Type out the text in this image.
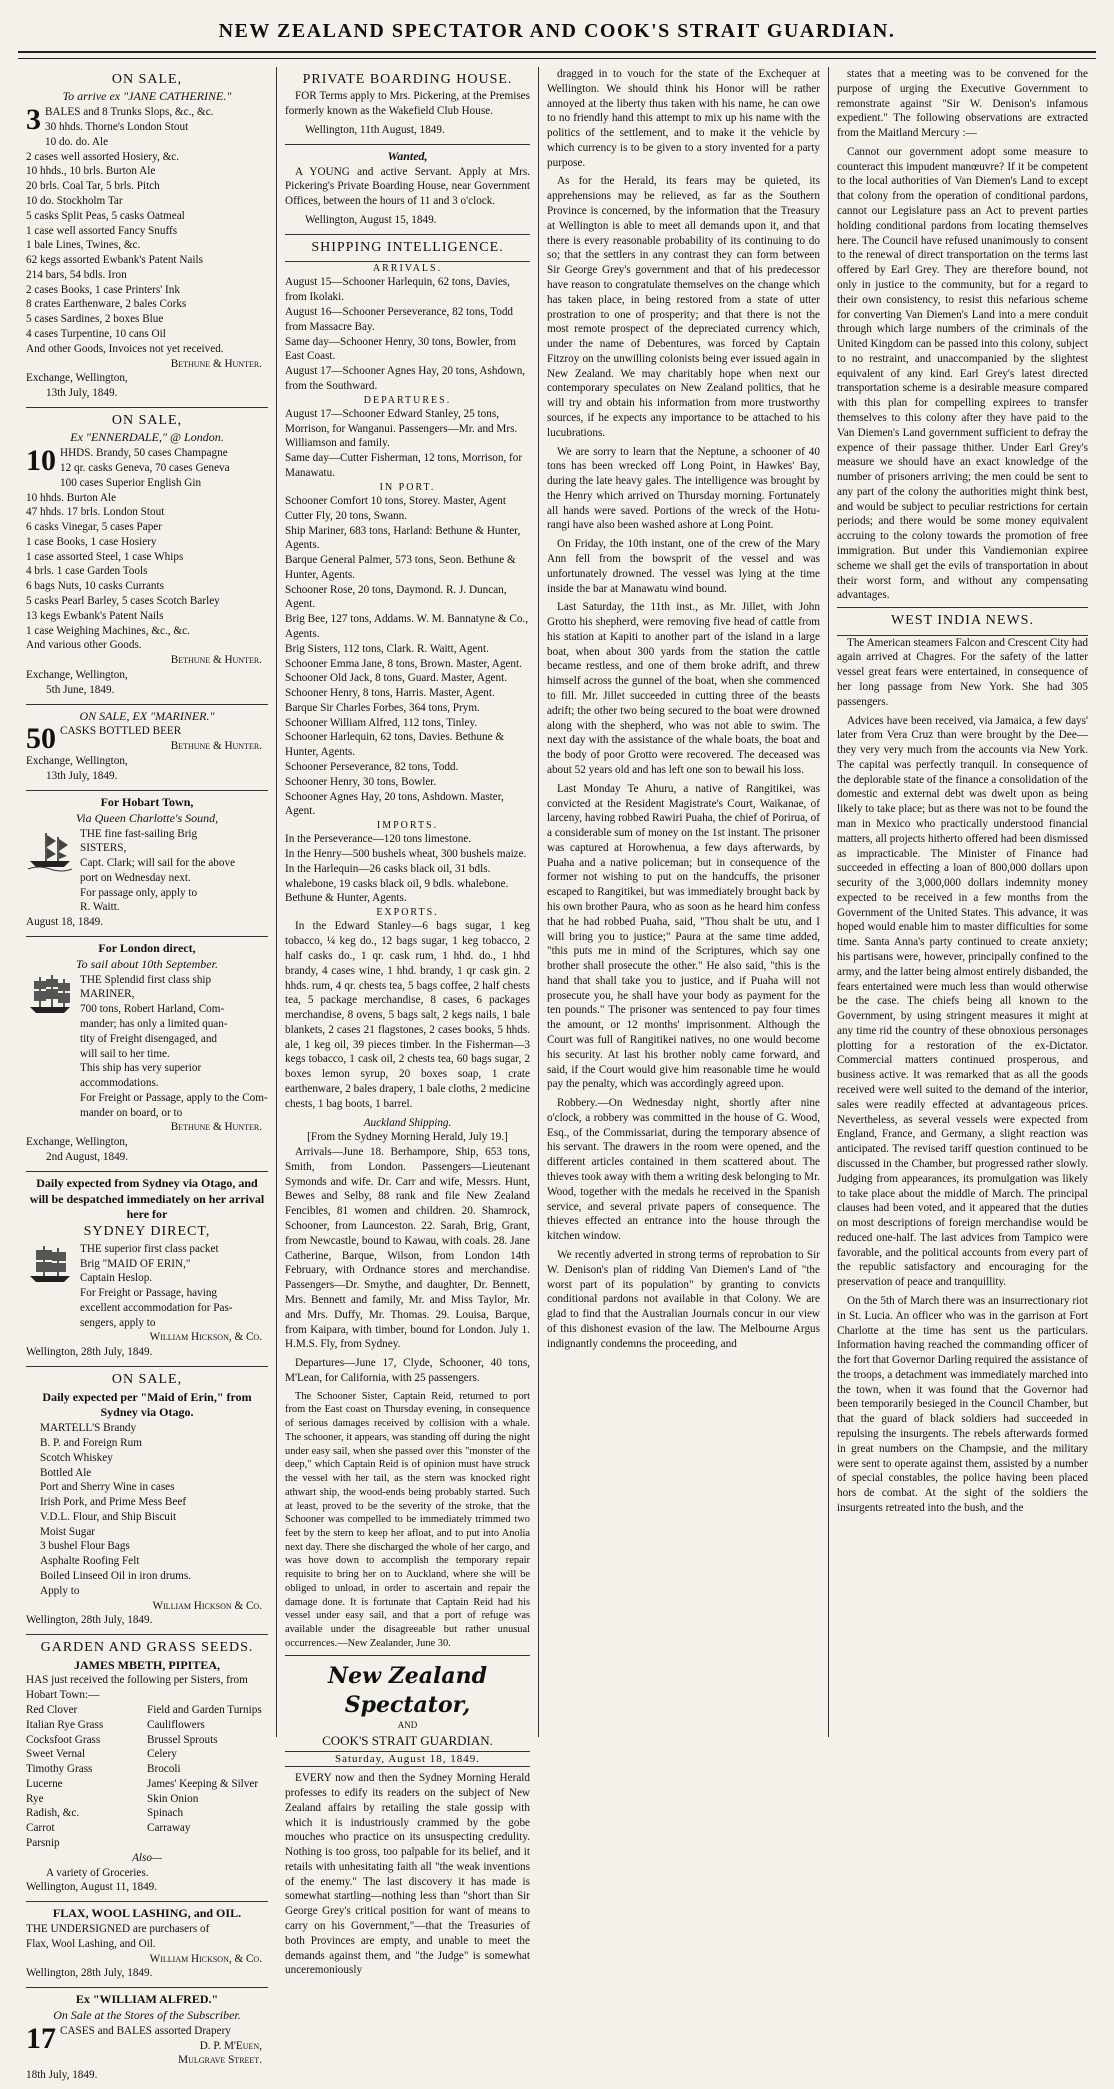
NEW ZEALAND SPECTATOR AND COOK'S STRAIT GUARDIAN.
ON SALE,
To arrive ex "JANE CATHERINE."
3 BALES and 8 Trunks Slops, &c., &c.
30 hhds. Thorne's London Stout
10 do. do. Ale
2 cases well assorted Hosiery, &c.
10 hhds., 10 brls. Burton Ale
20 brls. Coal Tar, 5 brls. Pitch
10 do. Stockholm Tar
5 casks Split Peas, 5 casks Oatmeal
1 case well assorted Fancy Snuffs
1 bale Lines, Twines, &c.
62 kegs assorted Ewbank's Patent Nails
214 bars, 54 bdls. Iron
2 cases Books, 1 case Printers' Ink
8 crates Earthenware, 2 bales Corks
5 cases Sardines, 2 boxes Blue
4 cases Turpentine, 10 cans Oil
And other Goods, Invoices not yet received.
Bethune & Hunter.
Exchange, Wellington,
13th July, 1849.
ON SALE,
Ex "ENNERDALE," @ London.
10 HHDS. Brandy, 50 cases Champagne
12 qr. casks Geneva, 70 cases Geneva
100 cases Superior English Gin
10 hhds. Burton Ale
47 hhds. 17 brls. London Stout
6 casks Vinegar, 5 cases Paper
1 case Books, 1 case Hosiery
1 case assorted Steel, 1 case Whips
4 brls. 1 case Garden Tools
6 bags Nuts, 10 casks Currants
5 casks Pearl Barley, 5 cases Scotch Barley
13 kegs Ewbank's Patent Nails
1 case Weighing Machines, &c., &c.
And various other Goods.
Bethune & Hunter.
Exchange, Wellington,
5th June, 1849.
ON SALE, EX "MARINER."
50 CASKS BOTTLED BEER
Bethune & Hunter.
Exchange, Wellington,
13th July, 1849.
For Hobart Town,
Via Queen Charlotte's Sound,
THE fine fast-sailing Brig
SISTERS,
Capt. Clark; will sail for the above
port on Wednesday next.
For passage only, apply to
R. Waitt.
August 18, 1849.
For London direct,
To sail about 10th September.
THE Splendid first class ship
MARINER,
700 tons, Robert Harland, Com-
mander; has only a limited quan-
tity of Freight disengaged, and
will sail to her time.
This ship has very superior accommodations.
For Freight or Passage, apply to the Com-
mander on board, or to
Bethune & Hunter.
Exchange, Wellington,
2nd August, 1849.
Daily expected from Sydney via Otago, and will be despatched immediately on her arrival here for
SYDNEY DIRECT,
THE superior first class packet
Brig "MAID OF ERIN,"
Captain Heslop.
For Freight or Passage, having
excellent accommodation for Pas-
sengers, apply to
William Hickson, & Co.
Wellington, 28th July, 1849.
ON SALE,
Daily expected per "Maid of Erin," from Sydney via Otago.
MARTELL'S Brandy
B. P. and Foreign Rum
Scotch Whiskey
Bottled Ale
Port and Sherry Wine in cases
Irish Pork, and Prime Mess Beef
V.D.L. Flour, and Ship Biscuit
Moist Sugar
3 bushel Flour Bags
Asphalte Roofing Felt
Boiled Linseed Oil in iron drums.
Apply to
William Hickson & Co.
Wellington, 28th July, 1849.
GARDEN AND GRASS SEEDS.
JAMES MBETH, PIPITEA,
HAS just received the following per Sisters, from Hobart Town:—
Red Clover
Italian Rye Grass
Cocksfoot Grass
Sweet Vernal
Timothy Grass
Lucerne
Rye
Radish, &c.
Carrot
Parsnip
Field and Garden Turnips
Cauliflowers
Brussel Sprouts
Celery
Brocoli
James' Keeping & Silver
Skin Onion
Spinach
Carraway
Also—
A variety of Groceries.
Wellington, August 11, 1849.
FLAX, WOOL LASHING, and OIL.
THE UNDERSIGNED are purchasers of
Flax, Wool Lashing, and Oil.
William Hickson, & Co.
Wellington, 28th July, 1849.
Ex "WILLIAM ALFRED."
On Sale at the Stores of the Subscriber.
17 CASES and BALES assorted Drapery
D. P. M'Euen,
Mulgrave Street.
18th July, 1849.
PRIVATE BOARDING HOUSE.

FOR Terms apply to Mrs. Pickering, at the Premises formerly known as the Wakefield Club House.

Wellington, 11th August, 1849.
Wanted,

A YOUNG and active Servant. Apply at Mrs. Pickering's Private Boarding House, near Government Offices, between the hours of 11 and 3 o'clock.

Wellington, August 15, 1849.
SHIPPING INTELLIGENCE.
ARRIVALS.
August 15—Schooner Harlequin, 62 tons, Davies, from Ikolaki.
August 16—Schooner Perseverance, 82 tons, Todd from Massacre Bay.
Same day—Schooner Henry, 30 tons, Bowler, from East Coast.
August 17—Schooner Agnes Hay, 20 tons, Ashdown, from the Southward.
DEPARTURES.
August 17—Schooner Edward Stanley, 25 tons, Morrison, for Wanganui. Passengers—Mr. and Mrs. Williamson and family.
Same day—Cutter Fisherman, 12 tons, Morrison, for Manawatu.
IN PORT.
Schooner Comfort 10 tons, Storey. Master, Agent
Cutter Fly, 20 tons, Swann.
Ship Mariner, 683 tons, Harland: Bethune & Hunter, Agents.
Barque General Palmer, 573 tons, Seon. Bethune & Hunter, Agents.
Schooner Rose, 20 tons, Daymond. R. J. Duncan, Agent.
Brig Bee, 127 tons, Addams. W. M. Bannatyne & Co., Agents.
Brig Sisters, 112 tons, Clark. R. Waitt, Agent.
Schooner Emma Jane, 8 tons, Brown. Master, Agent.
Schooner Old Jack, 8 tons, Guard. Master, Agent.
Schooner Henry, 8 tons, Harris. Master, Agent.
Barque Sir Charles Forbes, 364 tons, Prym.
Schooner William Alfred, 112 tons, Tinley.
Schooner Harlequin, 62 tons, Davies. Bethune & Hunter, Agents.
Schooner Perseverance, 82 tons, Todd.
Schooner Henry, 30 tons, Bowler.
Schooner Agnes Hay, 20 tons, Ashdown. Master, Agent.
IMPORTS.
In the Perseverance—120 tons limestone.
In the Henry—500 bushels wheat, 300 bushels maize.
In the Harlequin—26 casks black oil, 31 bdls. whalebone, 19 casks black oil, 9 bdls. whalebone. Bethune & Hunter, Agents.
EXPORTS.

In the Edward Stanley—6 bags sugar, 1 keg tobacco, ¼ keg do., 12 bags sugar, 1 keg tobacco, 2 half casks do., 1 qr. cask rum, 1 hhd. do., 1 hhd brandy, 4 cases wine, 1 hhd. brandy, 1 qr cask gin. 2 hhds. rum, 4 qr. chests tea, 5 bags coffee, 2 half chests tea, 5 package merchandise, 8 cases, 6 packages merchandise, 8 ovens, 5 bags salt, 2 kegs nails, 1 bale blankets, 2 cases 21 flagstones, 2 cases books, 5 hhds. ale, 1 keg oil, 39 pieces timber. In the Fisherman—3 kegs tobacco, 1 cask oil, 2 chests tea, 60 bags sugar, 2 boxes lemon syrup, 20 boxes soap, 1 crate earthenware, 2 bales drapery, 1 bale cloths, 2 medicine chests, 1 bag boots, 1 barrel.

Auckland Shipping.
[From the Sydney Morning Herald, July 19.]

Arrivals—June 18. Berhampore, Ship, 653 tons, Smith, from London. Passengers—Lieutenant Symonds and wife. Dr. Carr and wife, Messrs. Hunt, Bewes and Selby, 88 rank and file New Zealand Fencibles, 81 women and children. 20. Shamrock, Schooner, from Launceston. 22. Sarah, Brig, Grant, from Newcastle, bound to Kawau, with coals. 28. Jane Catherine, Barque, Wilson, from London 14th February, with Ordnance stores and merchandise. Passengers—Dr. Smythe, and daughter, Dr. Bennett, Mrs. Bennett and family, Mr. and Miss Taylor, Mr. and Mrs. Duffy, Mr. Thomas. 29. Louisa, Barque, from Kaipara, with timber, bound for London. July 1. H.M.S. Fly, from Sydney.

Departures—June 17, Clyde, Schooner, 40 tons, M'Lean, for California, with 25 passengers.

The Schooner Sister, Captain Reid, returned to port from the East coast on Thursday evening, in consequence of serious damages received by collision with a whale. The schooner, it appears, was standing off during the night under easy sail, when she passed over this "monster of the deep," which Captain Reid is of opinion must have struck the vessel with her tail, as the stern was knocked right athwart ship, the wood-ends being probably started. Such at least, proved to be the severity of the stroke, that the Schooner was compelled to be immediately trimmed two feet by the stern to keep her afloat, and to put into Anolia next day. There she discharged the whole of her cargo, and was hove down to accomplish the temporary repair requisite to bring her on to Auckland, where she will be obliged to unload, in order to ascertain and repair the damage done. It is fortunate that Captain Reid had his vessel under easy sail, and that a port of refuge was available under the disagreeable but rather unusual occurrences.—New Zealander, June 30.

New Zealand Spectator,
AND
COOK'S STRAIT GUARDIAN.
Saturday, August 18, 1849.

EVERY now and then the Sydney Morning Herald professes to edify its readers on the subject of New Zealand affairs by retailing the stale gossip with which it is industriously crammed by the gobe mouches who practice on its unsuspecting credulity. Nothing is too gross, too palpable for its belief, and it retails with unhesitating faith all "the weak inventions of the enemy." The last discovery it has made is somewhat startling—nothing less than "short than Sir George Grey's critical position for want of means to carry on his Government,"—that the Treasuries of both Provinces are empty, and unable to meet the demands against them, and "the Judge" is somewhat unceremoniously

dragged in to vouch for the state of the Exchequer at Wellington. We should think his Honor will be rather annoyed at the liberty thus taken with his name, he can owe to no friendly hand this attempt to mix up his name with the politics of the settlement, and to make it the vehicle by which currency is to be given to a story invented for a party purpose.

As for the Herald, its fears may be quieted, its apprehensions may be relieved, as far as the Southern Province is concerned, by the information that the Treasury at Wellington is able to meet all demands upon it, and that there is every reasonable probability of its continuing to do so; that the settlers in any contrast they can form between Sir George Grey's government and that of his predecessor have reason to congratulate themselves on the change which has taken place, in being restored from a state of utter prostration to one of prosperity; and that there is not the most remote prospect of the depreciated currency which, under the name of Debentures, was forced by Captain Fitzroy on the unwilling colonists being ever issued again in New Zealand. We may charitably hope when next our contemporary speculates on New Zealand politics, that he will try and obtain his information from more trustworthy sources, if he expects any importance to be attached to his lucubrations.

We are sorry to learn that the Neptune, a schooner of 40 tons has been wrecked off Long Point, in Hawkes' Bay, during the late heavy gales. The intelligence was brought by the Henry which arrived on Thursday morning. Fortunately all hands were saved. Portions of the wreck of the Hotu-rangi have also been washed ashore at Long Point.

On Friday, the 10th instant, one of the crew of the Mary Ann fell from the bowsprit of the vessel and was unfortunately drowned. The vessel was lying at the time inside the bar at Manawatu wind bound.

Last Saturday, the 11th inst., as Mr. Jillet, with John Grotto his shepherd, were removing five head of cattle from his station at Kapiti to another part of the island in a large boat, when about 300 yards from the station the cattle became restless, and one of them broke adrift, and threw himself across the gunnel of the boat, when she commenced to fill. Mr. Jillet succeeded in cutting three of the beasts adrift; the other two being secured to the boat were drowned along with the shepherd, who was not able to swim. The next day with the assistance of the whale boats, the boat and the body of poor Grotto were recovered. The deceased was about 52 years old and has left one son to bewail his loss.

Last Monday Te Ahuru, a native of Rangitikei, was convicted at the Resident Magistrate's Court, Waikanae, of larceny, having robbed Rawiri Puaha, the chief of Porirua, of a considerable sum of money on the 1st instant. The prisoner was captured at Horowhenua, a few days afterwards, by Puaha and a native policeman; but in consequence of the former not wishing to put on the handcuffs, the prisoner escaped to Rangitikei, but was immediately brought back by his own brother Paura, who as soon as he heard him confess that he had robbed Puaha, said, "Thou shalt be utu, and I will bring you to justice;" Paura at the same time added, "this puts me in mind of the Scriptures, which say one brother shall prosecute the other." He also said, "this is the hand that shall take you to justice, and if Puaha will not prosecute you, he shall have your body as payment for the ten pounds." The prisoner was sentenced to pay four times the amount, or 12 months' imprisonment. Although the Court was full of Rangitikei natives, no one would become his security. At last his brother nobly came forward, and said, if the Court would give him reasonable time he would pay the penalty, which was accordingly agreed upon.

Robbery.—On Wednesday night, shortly after nine o'clock, a robbery was committed in the house of G. Wood, Esq., of the Commissariat, during the temporary absence of his servant. The drawers in the room were opened, and the different articles contained in them scattered about. The thieves took away with them a writing desk belonging to Mr. Wood, together with the medals he received in the Spanish service, and several private papers of consequence. The thieves effected an entrance into the house through the kitchen window.

We recently adverted in strong terms of reprobation to Sir W. Denison's plan of ridding Van Diemen's Land of "the worst part of its population" by granting to convicts conditional pardons not available in that Colony. We are glad to find that the Australian Journals concur in our view of this dishonest evasion of the law. The Melbourne Argus indignantly condemns the proceeding, and

states that a meeting was to be convened for the purpose of urging the Executive Government to remonstrate against "Sir W. Denison's infamous expedient." The following observations are extracted from the Maitland Mercury :—

Cannot our government adopt some measure to counteract this impudent manœuvre? If it be competent to the local authorities of Van Diemen's Land to except that colony from the operation of conditional pardons, cannot our Legislature pass an Act to prevent parties holding conditional pardons from locating themselves here. The Council have refused unanimously to consent to the renewal of direct transportation on the terms last offered by Earl Grey. They are therefore bound, not only in justice to the community, but for a regard to their own consistency, to resist this nefarious scheme for converting Van Diemen's Land into a mere conduit through which large numbers of the criminals of the United Kingdom can be passed into this colony, subject to no restraint, and unaccompanied by the slightest equivalent of any kind. Earl Grey's latest directed transportation scheme is a desirable measure compared with this plan for compelling expirees to transfer themselves to this colony after they have paid to the Van Diemen's Land government sufficient to defray the expence of their passage thither. Under Earl Grey's measure we should have an exact knowledge of the number of prisoners arriving; the men could be sent to any part of the colony the authorities might think best, and would be subject to peculiar restrictions for certain periods; and there would be some money equivalent accruing to the colony towards the promotion of free immigration. But under this Vandiemonian expiree scheme we shall get the evils of transportation in about their worst form, and without any compensating advantages.

WEST INDIA NEWS.

The American steamers Falcon and Crescent City had again arrived at Chagres. For the safety of the latter vessel great fears were entertained, in consequence of her long passage from New York. She had 305 passengers.

Advices have been received, via Jamaica, a few days' later from Vera Cruz than were brought by the Dee—they very very much from the accounts via New York. The capital was perfectly tranquil. In consequence of the deplorable state of the finance a consolidation of the domestic and external debt was dwelt upon as being likely to take place; but as there was not to be found the man in Mexico who practically understood financial matters, all projects hitherto offered had been dismissed as impracticable. The Minister of Finance had succeeded in effecting a loan of 800,000 dollars upon security of the 3,000,000 dollars indemnity money expected to be received in a few months from the Government of the United States. This advance, it was hoped would enable him to master difficulties for some time. Santa Anna's party continued to create anxiety; his partisans were, however, principally confined to the army, and the latter being almost entirely disbanded, the fears entertained were much less than would otherwise be the case. The chiefs being all known to the Government, by using stringent measures it might at any time rid the country of these obnoxious personages plotting for a restoration of the ex-Dictator. Commercial matters continued prosperous, and business active. It was remarked that as all the goods received were well suited to the demand of the interior, sales were readily effected at advantageous prices. Nevertheless, as several vessels were expected from England, France, and Germany, a slight reaction was anticipated. The revised tariff question continued to be discussed in the Chamber, but progressed rather slowly. Judging from appearances, its promulgation was likely to take place about the middle of March. The principal clauses had been voted, and it appeared that the duties on most descriptions of foreign merchandise would be reduced one-half. The last advices from Tampico were favorable, and the political accounts from every part of the republic satisfactory and encouraging for the preservation of peace and tranquillity.

On the 5th of March there was an insurrectionary riot in St. Lucia. An officer who was in the garrison at Fort Charlotte at the time has sent us the particulars. Information having reached the commanding officer of the fort that Governor Darling required the assistance of the troops, a detachment was immediately marched into the town, when it was found that the Governor had been temporarily besieged in the Council Chamber, but that the guard of black soldiers had succeeded in repulsing the insurgents. The rebels afterwards formed in great numbers on the Champsie, and the military were sent to operate against them, assisted by a number of special constables, the police having been placed hors de combat. At the sight of the soldiers the insurgents retreated into the bush, and the
